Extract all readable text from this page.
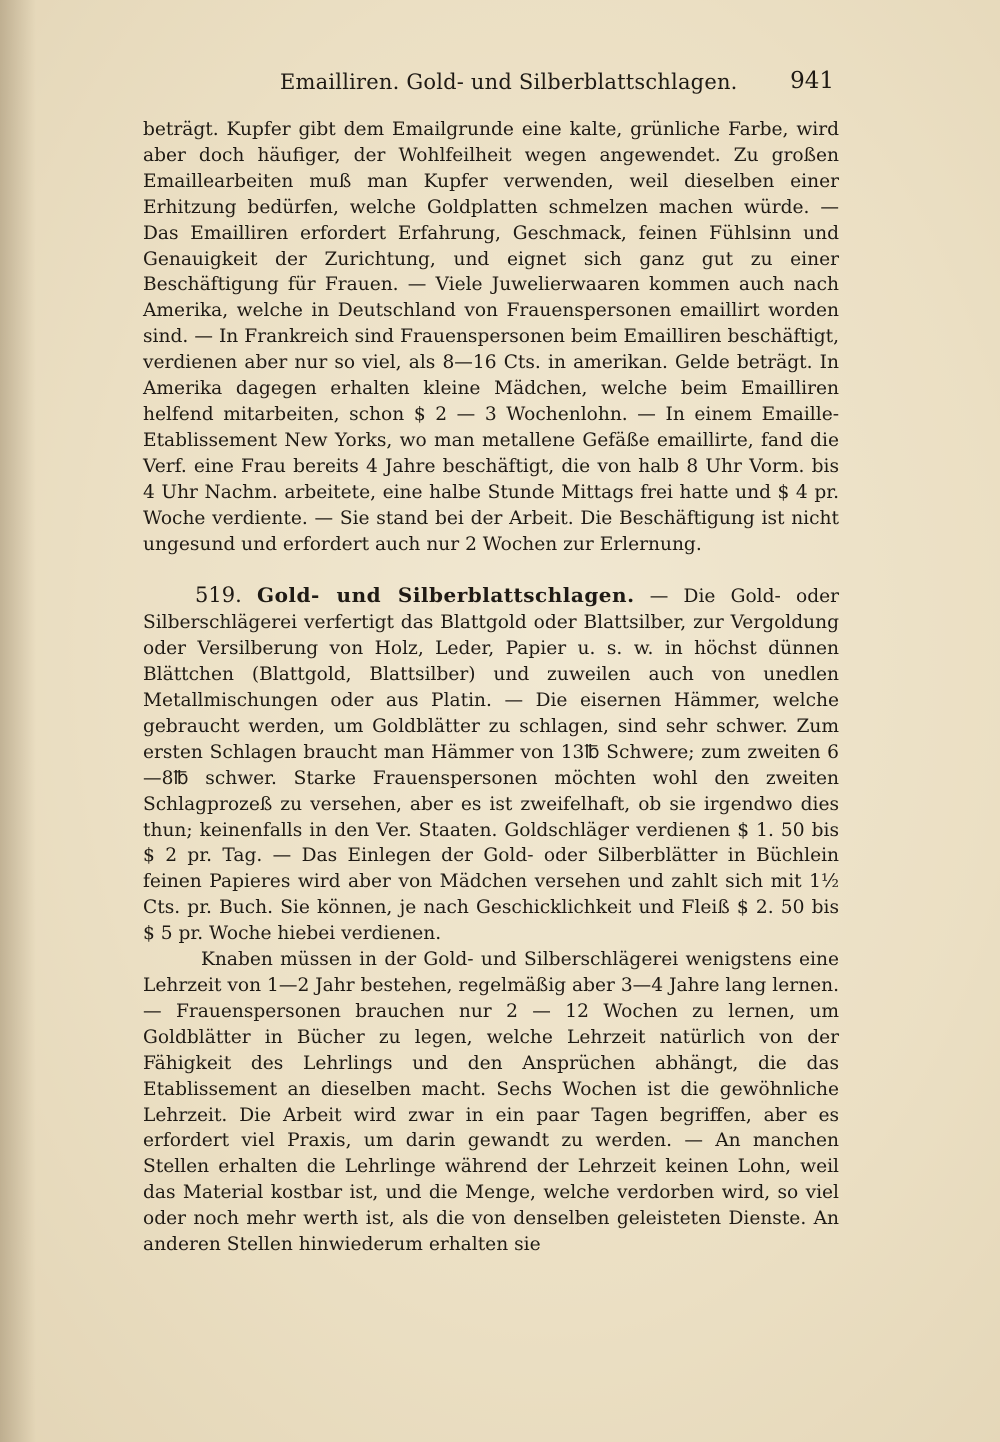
Emailliren. Gold- und Silberblattschlagen. 941

beträgt. Kupfer gibt dem Emailgrunde eine kalte, grünliche Farbe, wird aber doch häufiger, der Wohlfeilheit wegen angewendet. Zu großen Emaillearbeiten muß man Kupfer verwenden, weil dieselben einer Erhitzung bedürfen, welche Goldplatten schmelzen machen würde. — Das Emailliren erfordert Erfahrung, Geschmack, feinen Fühlsinn und Genauigkeit der Zurichtung, und eignet sich ganz gut zu einer Beschäftigung für Frauen. — Viele Juwelierwaaren kommen auch nach Amerika, welche in Deutschland von Frauenspersonen emaillirt worden sind. — In Frankreich sind Frauenspersonen beim Emailliren beschäftigt, verdienen aber nur so viel, als 8—16 Cts. in amerikan. Gelde beträgt. In Amerika dagegen erhalten kleine Mädchen, welche beim Emailliren helfend mitarbeiten, schon $ 2 — 3 Wochenlohn. — In einem Emaille-Etablissement New Yorks, wo man metallene Gefäße emaillirte, fand die Verf. eine Frau bereits 4 Jahre beschäftigt, die von halb 8 Uhr Vorm. bis 4 Uhr Nachm. arbeitete, eine halbe Stunde Mittags frei hatte und $ 4 pr. Woche verdiente. — Sie stand bei der Arbeit. Die Beschäftigung ist nicht ungesund und erfordert auch nur 2 Wochen zur Erlernung.

519. Gold- und Silberblattschlagen. — Die Gold- oder Silberschlägerei verfertigt das Blattgold oder Blattsilber, zur Vergoldung oder Versilberung von Holz, Leder, Papier u. s. w. in höchst dünnen Blättchen (Blattgold, Blattsilber) und zuweilen auch von unedlen Metallmischungen oder aus Platin. — Die eisernen Hämmer, welche gebraucht werden, um Goldblätter zu schlagen, sind sehr schwer. Zum ersten Schlagen braucht man Hämmer von 13℔ Schwere; zum zweiten 6—8℔ schwer. Starke Frauenspersonen möchten wohl den zweiten Schlagprozeß zu versehen, aber es ist zweifelhaft, ob sie irgendwo dies thun; keinenfalls in den Ver. Staaten. Goldschläger verdienen $ 1. 50 bis $ 2 pr. Tag. — Das Einlegen der Gold- oder Silberblätter in Büchlein feinen Papieres wird aber von Mädchen versehen und zahlt sich mit 1½ Cts. pr. Buch. Sie können, je nach Geschicklichkeit und Fleiß $ 2. 50 bis $ 5 pr. Woche hiebei verdienen.

Knaben müssen in der Gold- und Silberschlägerei wenigstens eine Lehrzeit von 1—2 Jahr bestehen, regelmäßig aber 3—4 Jahre lang lernen. — Frauenspersonen brauchen nur 2 — 12 Wochen zu lernen, um Goldblätter in Bücher zu legen, welche Lehrzeit natürlich von der Fähigkeit des Lehrlings und den Ansprüchen abhängt, die das Etablissement an dieselben macht. Sechs Wochen ist die gewöhnliche Lehrzeit. Die Arbeit wird zwar in ein paar Tagen begriffen, aber es erfordert viel Praxis, um darin gewandt zu werden. — An manchen Stellen erhalten die Lehrlinge während der Lehrzeit keinen Lohn, weil das Material kostbar ist, und die Menge, welche verdorben wird, so viel oder noch mehr werth ist, als die von denselben geleisteten Dienste. An anderen Stellen hinwiederum erhalten sie
